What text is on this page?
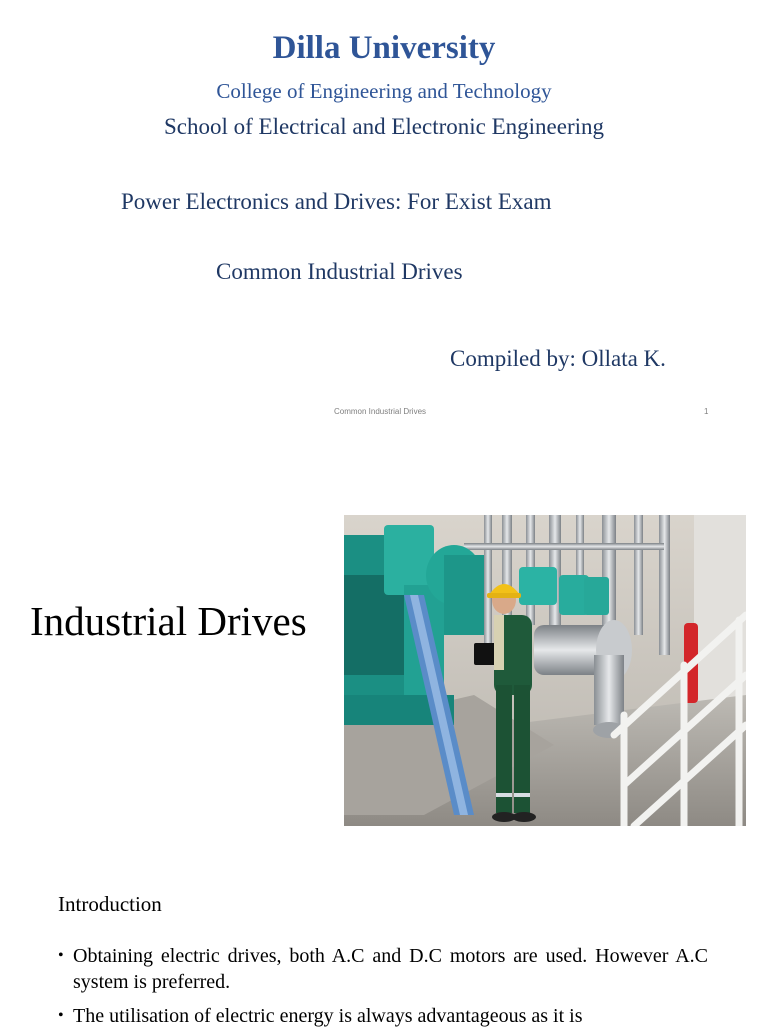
Dilla University
College of Engineering and Technology
School of Electrical and Electronic Engineering
Power Electronics and Drives: For Exist Exam
Common Industrial Drives
Compiled by: Ollata K.
Common Industrial Drives	1
Industrial Drives
Introduction
• Obtaining electric drives, both A.C and D.C motors are used. However A.C system is preferred.
• The utilisation of electric energy is always advantageous as it is
